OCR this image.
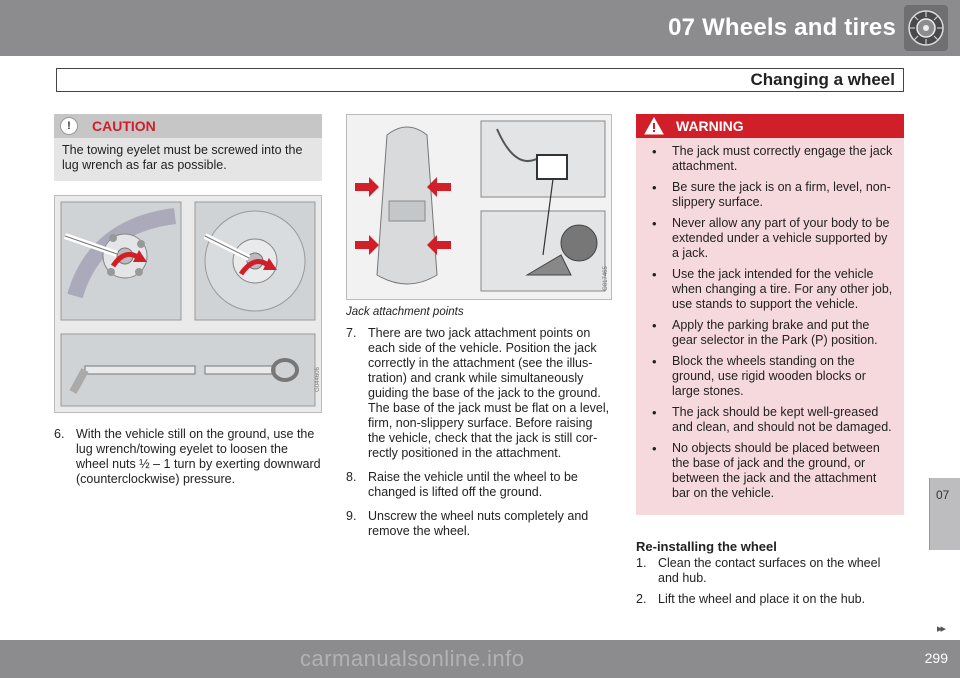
07 Wheels and tires
Changing a wheel
!	CAUTION
The towing eyelet must be screwed into the lug wrench as far as possible.
G044606
6. With the vehicle still on the ground, use the lug wrench/towing eyelet to loosen the wheel nuts ½ – 1 turn by exerting downward (counterclockwise) pressure.
G017465
Jack attachment points
7. There are two jack attachment points on each side of the vehicle. Position the jack correctly in the attachment (see the illustration) and crank while simultaneously guiding the base of the jack to the ground. The base of the jack must be flat on a level, firm, non-slippery surface. Before raising the vehicle, check that the jack is still correctly positioned in the attachment.
8. Raise the vehicle until the wheel to be changed is lifted off the ground.
9. Unscrew the wheel nuts completely and remove the wheel.
WARNING
• The jack must correctly engage the jack attachment.
• Be sure the jack is on a firm, level, non-slippery surface.
• Never allow any part of your body to be extended under a vehicle supported by a jack.
• Use the jack intended for the vehicle when changing a tire. For any other job, use stands to support the vehicle.
• Apply the parking brake and put the gear selector in the Park (P) position.
• Block the wheels standing on the ground, use rigid wooden blocks or large stones.
• The jack should be kept well-greased and clean, and should not be damaged.
• No objects should be placed between the base of jack and the ground, or between the jack and the attachment bar on the vehicle.
Re-installing the wheel
1. Clean the contact surfaces on the wheel and hub.
2. Lift the wheel and place it on the hub.
07
▸▸
carmanualsonline.info	299
